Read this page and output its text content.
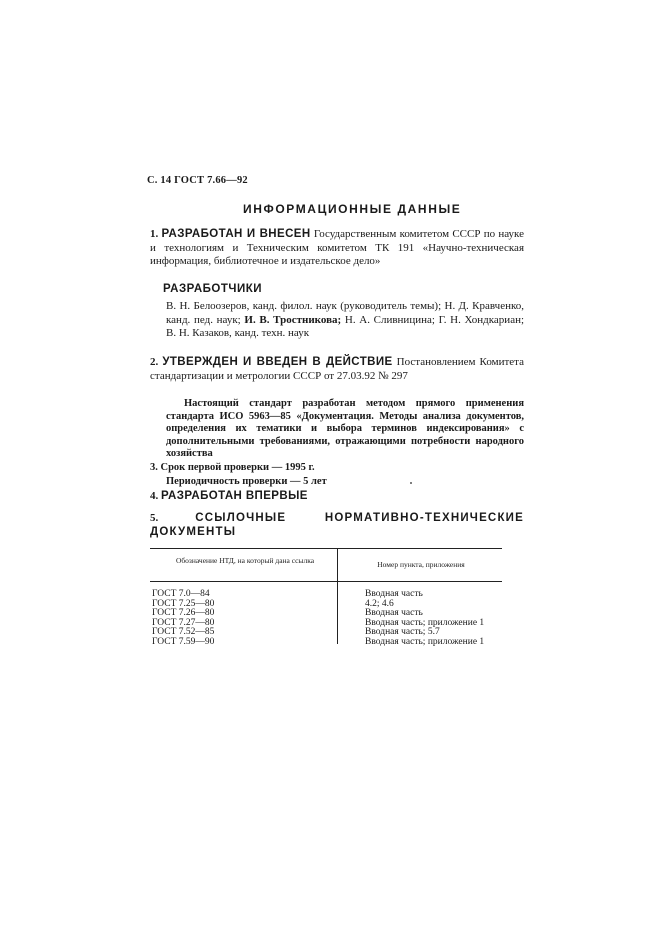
С. 14 ГОСТ 7.66—92
ИНФОРМАЦИОННЫЕ ДАННЫЕ
1. РАЗРАБОТАН И ВНЕСЕН Государственным комитетом СССР по науке и технологиям и Техническим комитетом ТК 191 «Научно-техническая информация, библиотечное и издательское дело»
РАЗРАБОТЧИКИ
В. Н. Белоозеров, канд. филол. наук (руководитель темы); Н. Д. Кравченко, канд. пед. наук; И. В. Тростникова; Н. А. Сливницина; Г. Н. Хондкариан; В. Н. Казаков, канд. техн. наук
2. УТВЕРЖДЕН И ВВЕДЕН В ДЕЙСТВИЕ Постановлением Комитета стандартизации и метрологии СССР от 27.03.92 № 297
Настоящий стандарт разработан методом прямого применения стандарта ИСО 5963—85 «Документация. Методы анализа документов, определения их тематики и выбора терминов индексирования» с дополнительными требованиями, отражающими потребности народного хозяйства
3. Срок первой проверки — 1995 г.
Периодичность проверки — 5 лет
4. РАЗРАБОТАН ВПЕРВЫЕ
5.	ССЫЛОЧНЫЕ НОРМАТИВНО-ТЕХНИЧЕСКИЕ ДОКУМЕНТЫ
Обозначение НТД, на который дана ссылка	Номер пункта, приложения
ГОСТ 7.0—84	Вводная часть
ГОСТ 7.25—80	4.2; 4.6
ГОСТ 7.26—80	Вводная часть
ГОСТ 7.27—80	Вводная часть; приложение 1
ГОСТ 7.52—85	Вводная часть; 5.7
ГОСТ 7.59—90	Вводная часть; приложение 1
